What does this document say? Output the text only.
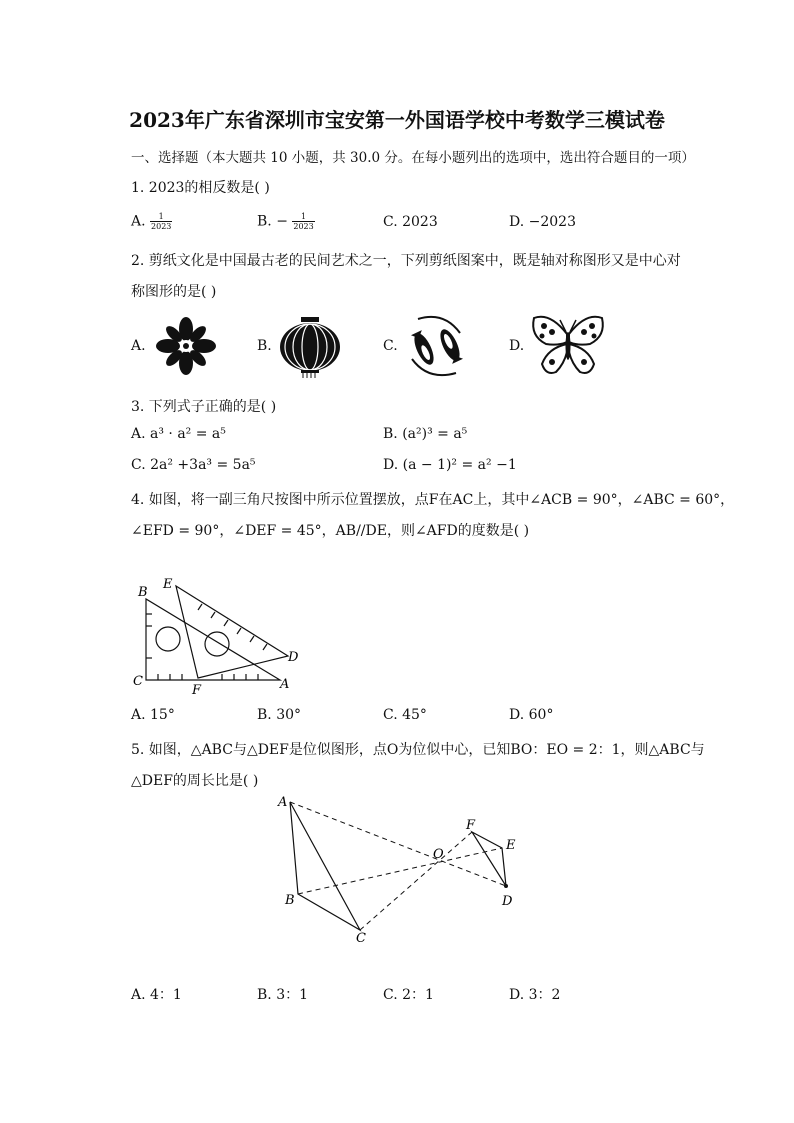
2023年广东省深圳市宝安第一外国语学校中考数学三模试卷
一、选择题（本大题共 10 小题，共 30.0 分。在每小题列出的选项中，选出符合题目的一项）
1. 2023的相反数是( )
A. $\frac{1}{2023}$	B. − $\frac{1}{2023}$	C. 2023	D. −2023
2. 剪纸文化是中国最古老的民间艺术之一，下列剪纸图案中，既是轴对称图形又是中心对
称图形的是( )
A.	B.	C.	D.
3. 下列式子正确的是( )
A. a³ · a² = a⁵	B. (a²)³ = a⁵
C. 2a² +3a³ = 5a⁵	D. (a − 1)² = a² −1
4. 如图，将一副三角尺按图中所示位置摆放，点F在AC上，其中∠ACB = 90°，∠ABC = 60°，
∠EFD = 90°，∠DEF = 45°，AB//DE，则∠AFD的度数是( )
B
E
D
C
F	A
A. 15°	B. 30°	C. 45°	D. 60°
5. 如图，△ABC与△DEF是位似图形，点O为位似中心，已知BO：EO = 2：1，则△ABC与
△DEF的周长比是( )
A
B
C
O
F
E
D
A. 4：1	B. 3：1	C. 2：1	D. 3：2
